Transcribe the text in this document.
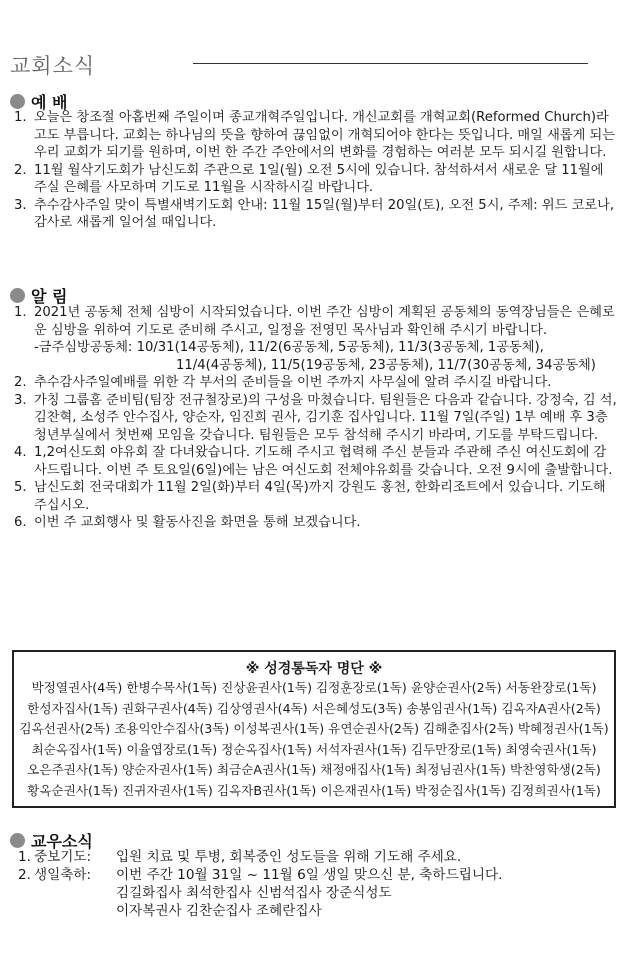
교회소식
예 배
1. 오늘은 창조절 아홉번째 주일이며 종교개혁주일입니다. 개신교회를 개혁교회(Reformed Church)라고도 부릅니다. 교회는 하나님의 뜻을 향하여 끊임없이 개혁되어야 한다는 뜻입니다. 매일 새롭게 되는 우리 교회가 되기를 원하며, 이번 한 주간 주안에서의 변화를 경험하는 여러분 모두 되시길 원합니다.
2. 11월 월삭기도회가 남신도회 주관으로 1일(월) 오전 5시에 있습니다. 참석하셔서 새로운 달 11월에 주실 은혜를 사모하며 기도로 11월을 시작하시길 바랍니다.
3. 추수감사주일 맞이 특별새벽기도회 안내: 11월 15일(월)부터 20일(토), 오전 5시, 주제: 위드 코로나, 감사로 새롭게 일어설 때입니다.
알 림
1. 2021년 공동체 전체 심방이 시작되었습니다. 이번 주간 심방이 계획된 공동체의 동역장님들은 은혜로운 심방을 위하여 기도로 준비해 주시고, 일정을 전영민 목사님과 확인해 주시기 바랍니다.
-금주심방공동체: 10/31(14공동체), 11/2(6공동체, 5공동체), 11/3(3공동체, 1공동체),
11/4(4공동체), 11/5(19공동체, 23공동체), 11/7(30공동체, 34공동체)
2. 추수감사주일예배를 위한 각 부서의 준비들을 이번 주까지 사무실에 알려 주시길 바랍니다.
3. 가칭 그룹홈 준비팀(팀장 전규철장로)의 구성을 마쳤습니다. 팀원들은 다음과 같습니다. 강정숙, 김 석, 김찬혁, 소성주 안수집사, 양순자, 임진희 권사, 김기훈 집사입니다. 11월 7일(주일) 1부 예배 후 3층 청년부실에서 첫번째 모임을 갖습니다. 팀원들은 모두 참석해 주시기 바라며, 기도를 부탁드립니다.
4. 1,2여신도회 야유회 잘 다녀왔습니다. 기도해 주시고 협력해 주신 분들과 주관해 주신 여신도회에 감사드립니다. 이번 주 토요일(6일)에는 남은 여신도회 전체야유회를 갖습니다. 오전 9시에 출발합니다.
5. 남신도회 전국대회가 11월 2일(화)부터 4일(목)까지 강원도 홍천, 한화리조트에서 있습니다. 기도해 주십시오.
6. 이번 주 교회행사 및 활동사진을 화면을 통해 보겠습니다.
※ 성경통독자 명단 ※
박정열권사(4독) 한병수목사(1독) 진상윤권사(1독) 김정훈장로(1독) 윤양순권사(2독) 서동완장로(1독)
한성자집사(1독) 권화구권사(4독) 김상영권사(4독) 서은혜성도(3독) 송봉임권사(1독) 김옥자A권사(2독)
김옥선권사(2독) 조용익안수집사(3독) 이성복권사(1독) 유연순권사(2독) 김해춘집사(2독) 박혜정권사(1독)
최순옥집사(1독) 이율엽장로(1독) 정순옥집사(1독) 서석자권사(1독) 김두만장로(1독) 최영숙권사(1독)
오은주권사(1독) 양순자권사(1독) 최금순A권사(1독) 채정애집사(1독) 최정님권사(1독) 박찬영학생(2독)
황옥순권사(1독) 진귀자권사(1독) 김옥자B권사(1독) 이은재권사(1독) 박정순집사(1독) 김정희권사(1독)
교우소식
1. 중보기도:	입원 치료 및 투병, 회복중인 성도들을 위해 기도해 주세요.
2. 생일축하:	이번 주간 10월 31일 ~ 11월 6일 생일 맞으신 분, 축하드립니다.
김길화집사 최석한집사 신범석집사 장준식성도
이자복권사 김찬순집사 조혜란집사
